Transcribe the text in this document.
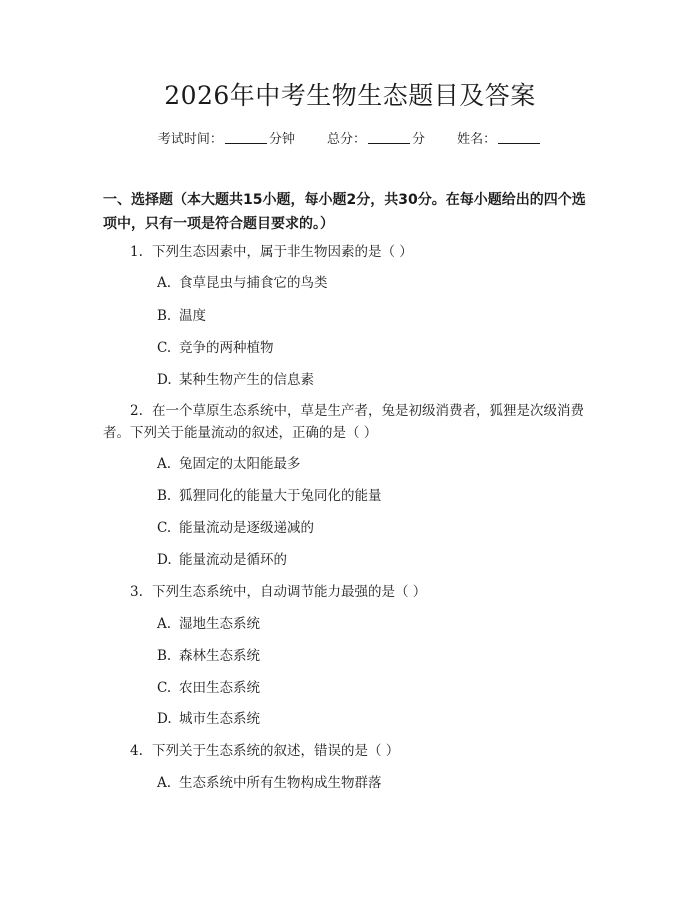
2026年中考生物生态题目及答案
考试时间：	分钟 总分：	分 姓名：
一、选择题（本大题共15小题，每小题2分，共30分。在每小题给出的四个选项中，只有一项是符合题目要求的。）
1. 下列生态因素中，属于非生物因素的是（ ）
A. 食草昆虫与捕食它的鸟类
B. 温度
C. 竞争的两种植物
D. 某种生物产生的信息素
2. 在一个草原生态系统中，草是生产者，兔是初级消费者，狐狸是次级消费者。下列关于能量流动的叙述，正确的是（ ）
A. 兔固定的太阳能最多
B. 狐狸同化的能量大于兔同化的能量
C. 能量流动是逐级递减的
D. 能量流动是循环的
3. 下列生态系统中，自动调节能力最强的是（ ）
A. 湿地生态系统
B. 森林生态系统
C. 农田生态系统
D. 城市生态系统
4. 下列关于生态系统的叙述，错误的是（ ）
A. 生态系统中所有生物构成生物群落
